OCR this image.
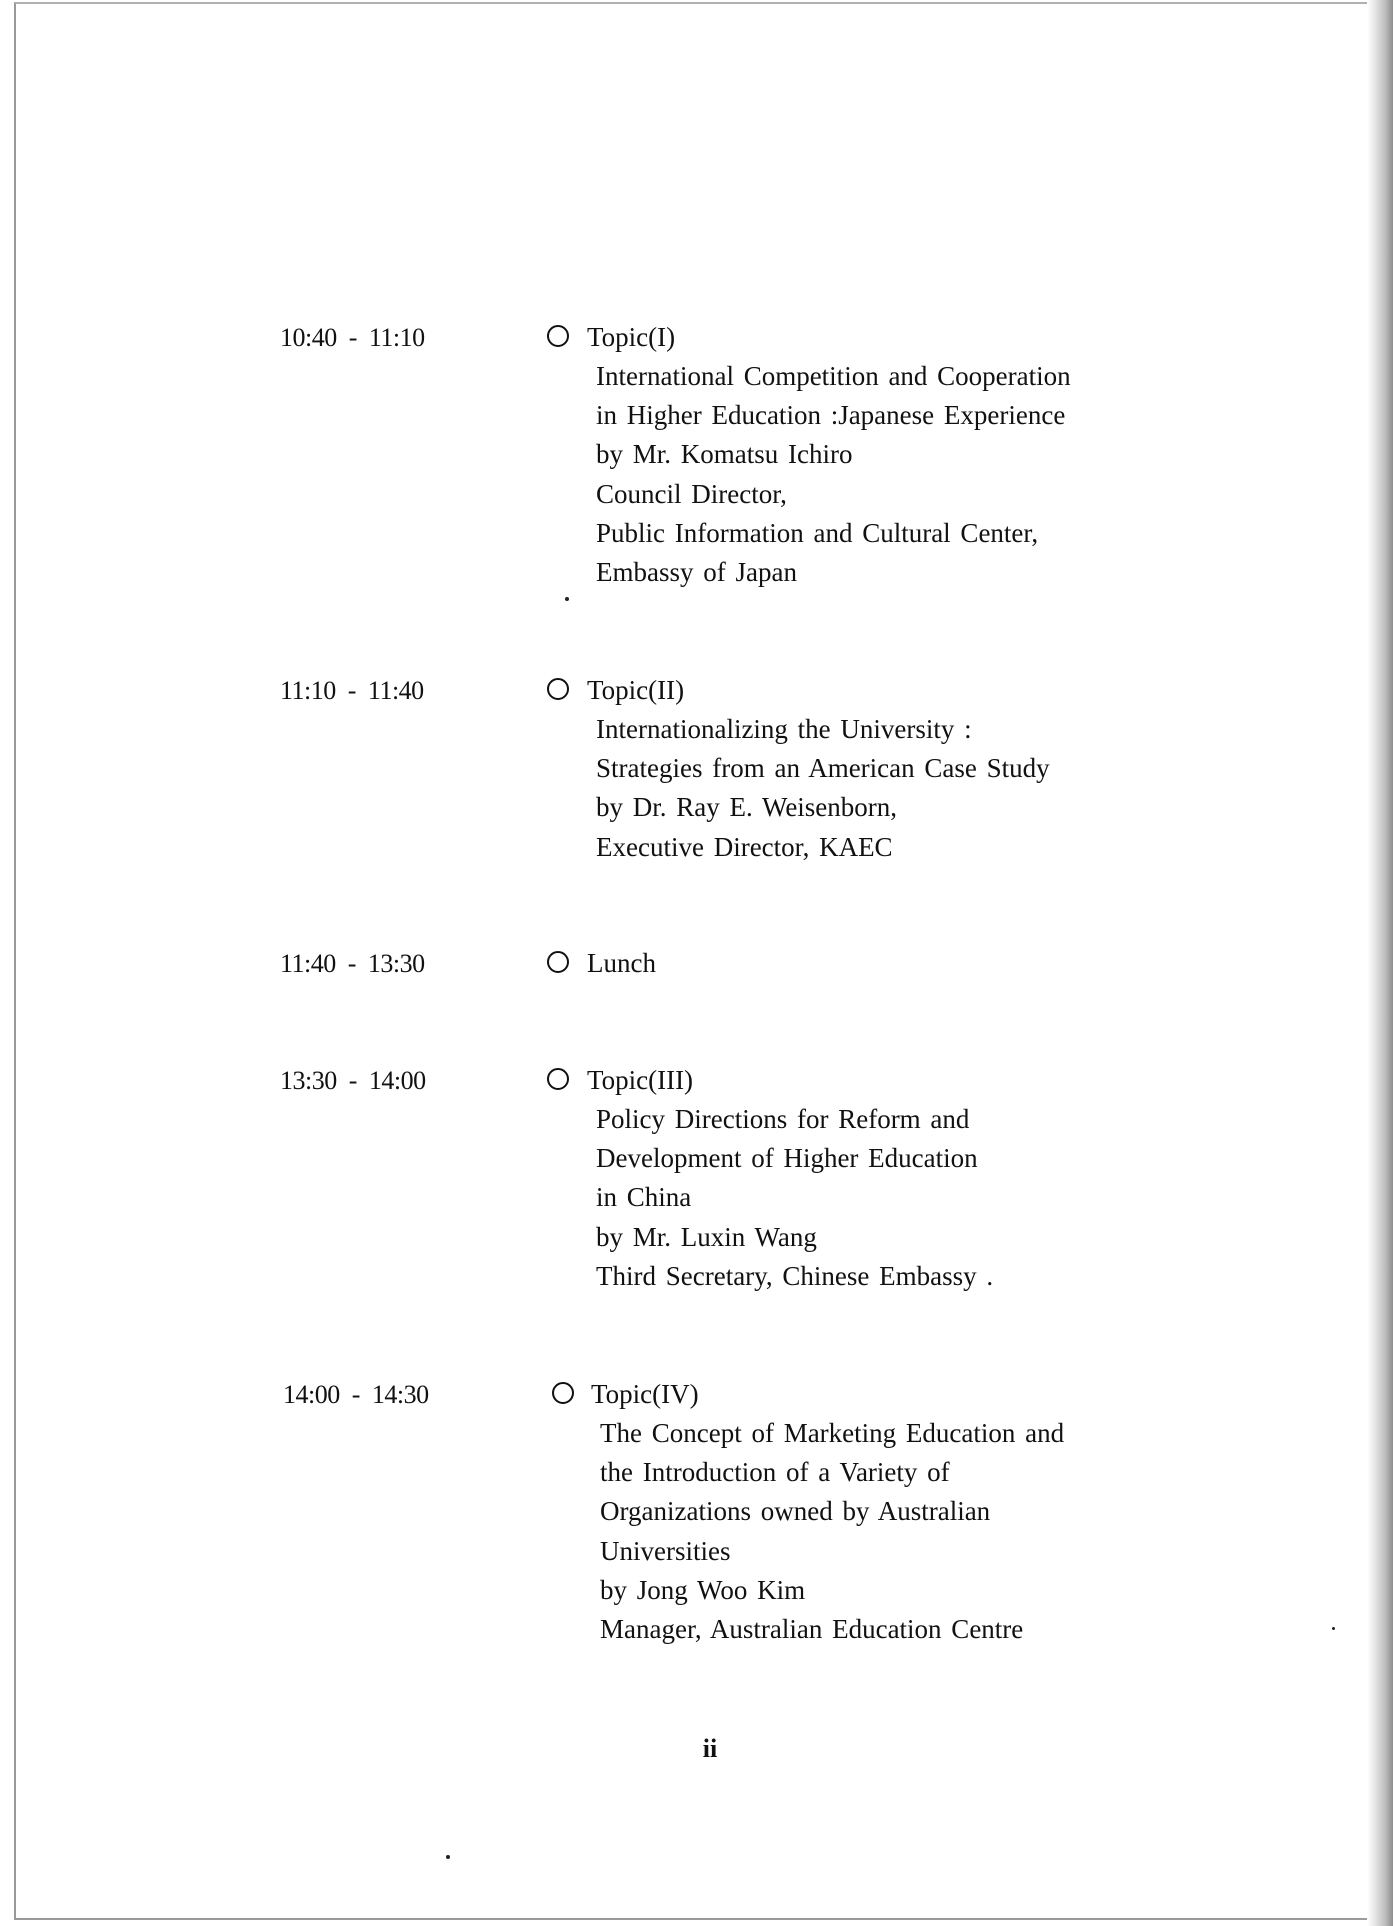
10:40  -  11:10	Topic(I)
International Competition and Cooperation
in Higher Education :Japanese Experience
by Mr. Komatsu Ichiro
Council Director,
Public Information and Cultural Center,
Embassy of Japan
11:10  -  11:40	Topic(II)
Internationalizing the University :
Strategies from an American Case Study
by Dr. Ray E. Weisenborn,
Executive Director, KAEC
11:40  -  13:30	Lunch
13:30  -  14:00	Topic(III)
Policy Directions for Reform and
Development of Higher Education
in China
by Mr. Luxin Wang
Third Secretary, Chinese Embassy .
14:00  -  14:30	Topic(IV)
The Concept of Marketing Education and
the Introduction of a Variety of
Organizations owned by Australian
Universities
by Jong Woo Kim
Manager, Australian Education Centre
ii
